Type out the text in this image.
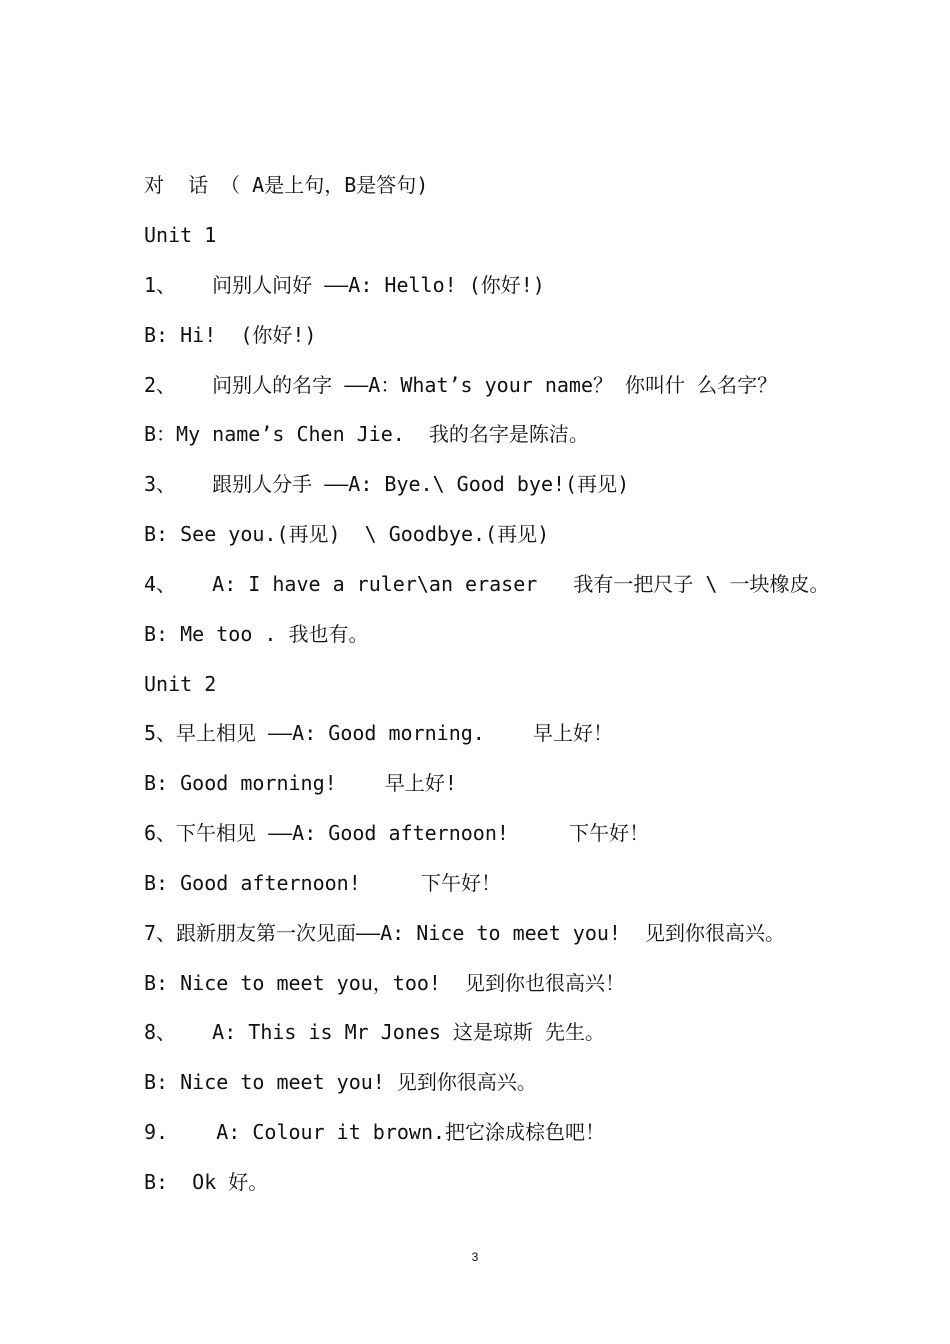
对  话 （ A是上句，B是答句)
Unit 1
1、   问别人问好 ——A: Hello! (你好!)
B: Hi!  (你好!)
2、   问别人的名字 ——A：What’s your name？ 你叫什 么名字？
B：My name’s Chen Jie.  我的名字是陈洁。
3、   跟别人分手 ——A: Bye.\ Good bye!(再见)
B: See you.(再见)  \ Goodbye.(再见)
4、   A: I have a ruler\an eraser   我有一把尺子 \ 一块橡皮。
B: Me too . 我也有。
Unit 2
5、早上相见 ——A: Good morning.    早上好！
B: Good morning!    早上好!
6、下午相见 ——A: Good afternoon!     下午好！
B: Good afternoon!     下午好！
7、跟新朋友第一次见面——A: Nice to meet you!  见到你很高兴。
B: Nice to meet you，too!  见到你也很高兴！
8、   A: This is Mr Jones 这是琼斯 先生。
B: Nice to meet you! 见到你很高兴。
9.    A: Colour it brown.把它涂成棕色吧！
B:  Ok 好。
3
